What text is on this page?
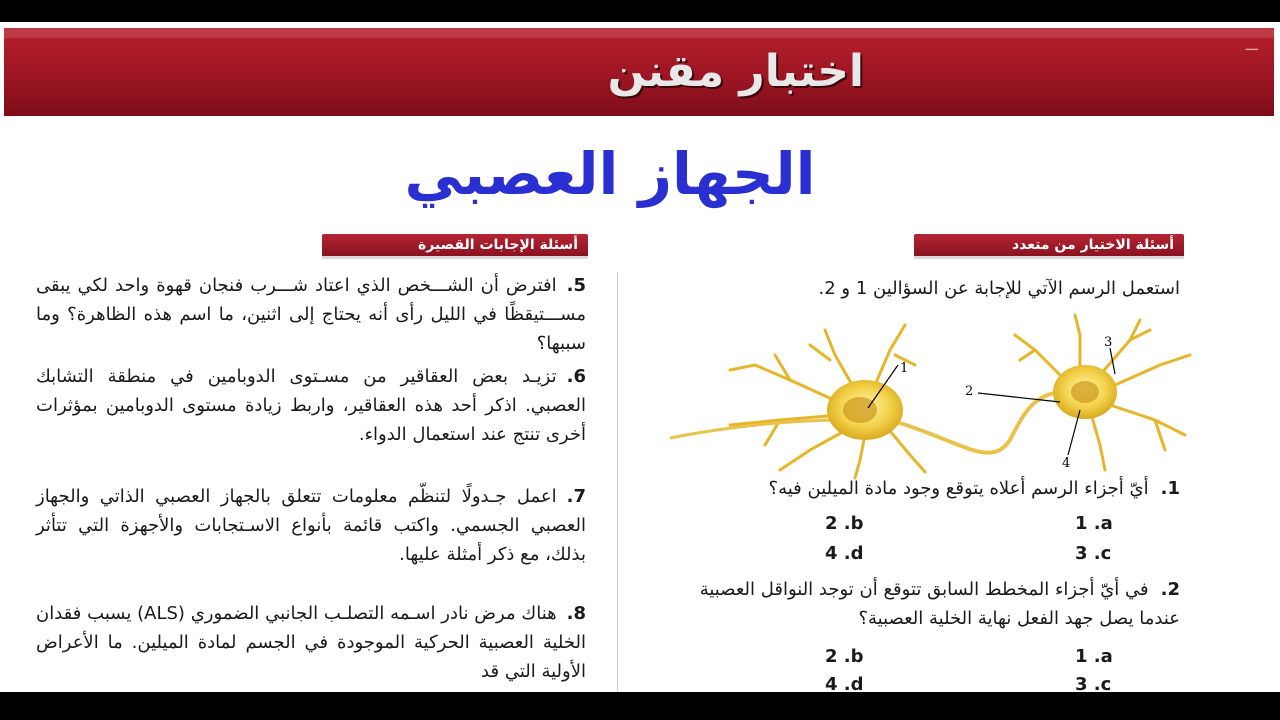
اختبار مقنن	ـــ
الجهاز العصبي
أسئلة الإجابات القصيرة	أسئلة الاختيار من متعدد
5.افترض أن الشـــخص الذي اعتاد شـــرب فنجان قهوة واحد لكي يبقى مســـتيقظًا في الليل رأى أنه يحتاج إلى اثنين، ما اسم هذه الظاهرة؟ وما سببها؟
6.تزيـد بعض العقاقير من مسـتوى الدوبامين في منطقة التشابك العصبي. اذكر أحد هذه العقاقير، واربط زيادة مستوى الدوبامين بمؤثرات أخرى تنتج عند استعمال الدواء.
7.اعمل جـدولًا لتنظّم معلومات تتعلق بالجهاز العصبي الذاتي والجهاز العصبي الجسمي. واكتب قائمة بأنواع الاسـتجابات والأجهزة التي تتأثر بذلك، مع ذكر أمثلة عليها.
8.هناك مرض نادر اسـمه التصلـب الجانبي الضموري (ALS) يسبب فقدان الخلية العصبية الحركية الموجودة في الجسم لمادة الميلين. ما الأعراض الأولية التي قد
استعمل الرسم الآتي للإجابة عن السؤالين 1 و 2.
1
2
3
4
1.أيّ أجزاء الرسم أعلاه يتوقع وجود مادة الميلين فيه؟
1 .a
2 .b
3 .c
4 .d
2.في أيّ أجزاء المخطط السابق تتوقع أن توجد النواقل العصبية عندما يصل جهد الفعل نهاية الخلية العصبية؟
1 .a
2 .b
3 .c
4 .d
